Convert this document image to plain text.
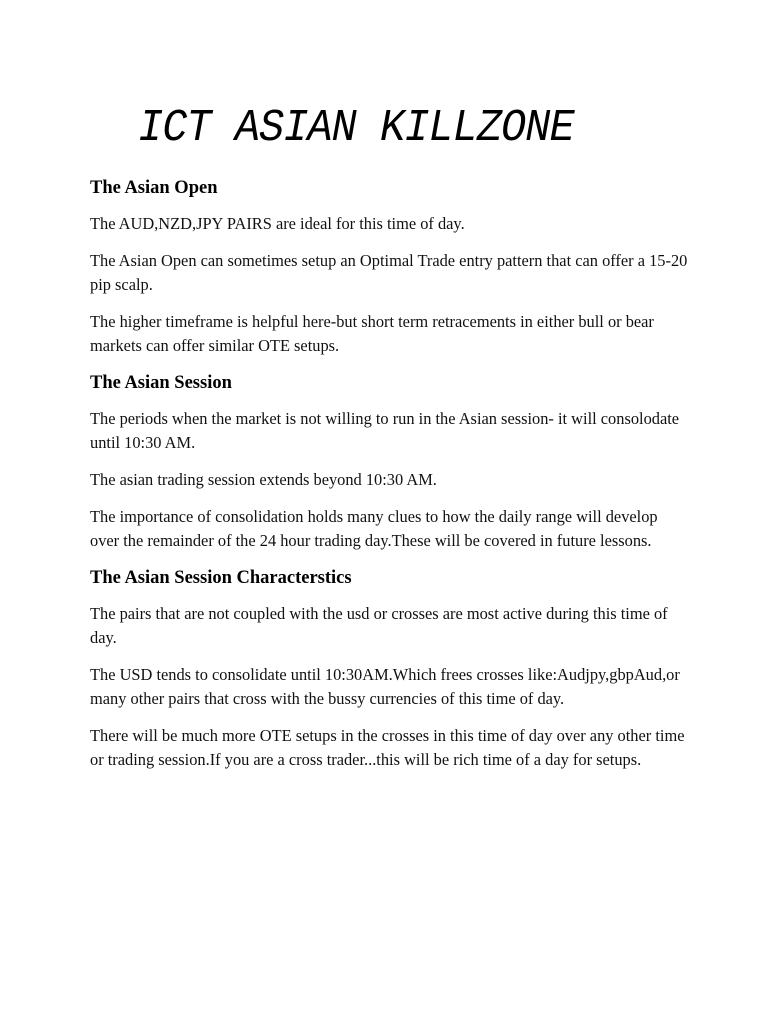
ICT ASIAN KILLZONE
The Asian Open

The AUD,NZD,JPY PAIRS are ideal for this time of day.

The Asian Open can sometimes setup an Optimal Trade entry pattern that can offer a 15-20 pip scalp.

The higher timeframe is helpful here-but short term retracements in either bull or bear markets can offer similar OTE setups.

The Asian Session

The periods when the market is not willing to run in the Asian session- it will consolodate until 10:30 AM.

The asian trading session extends beyond 10:30 AM.

The importance of consolidation holds many clues to how the daily range will develop over the remainder of the 24 hour trading day.These will be covered in future lessons.

The Asian Session Characterstics

The pairs that are not coupled with the usd or crosses are most active during this time of day.

The USD tends to consolidate until 10:30AM.Which frees crosses like:Audjpy,gbpAud,or many other pairs that cross with the bussy currencies of this time of day.

There will be much more OTE setups in the crosses in this time of day over any other time or trading session.If you are a cross trader...this will be rich time of a day for setups.
